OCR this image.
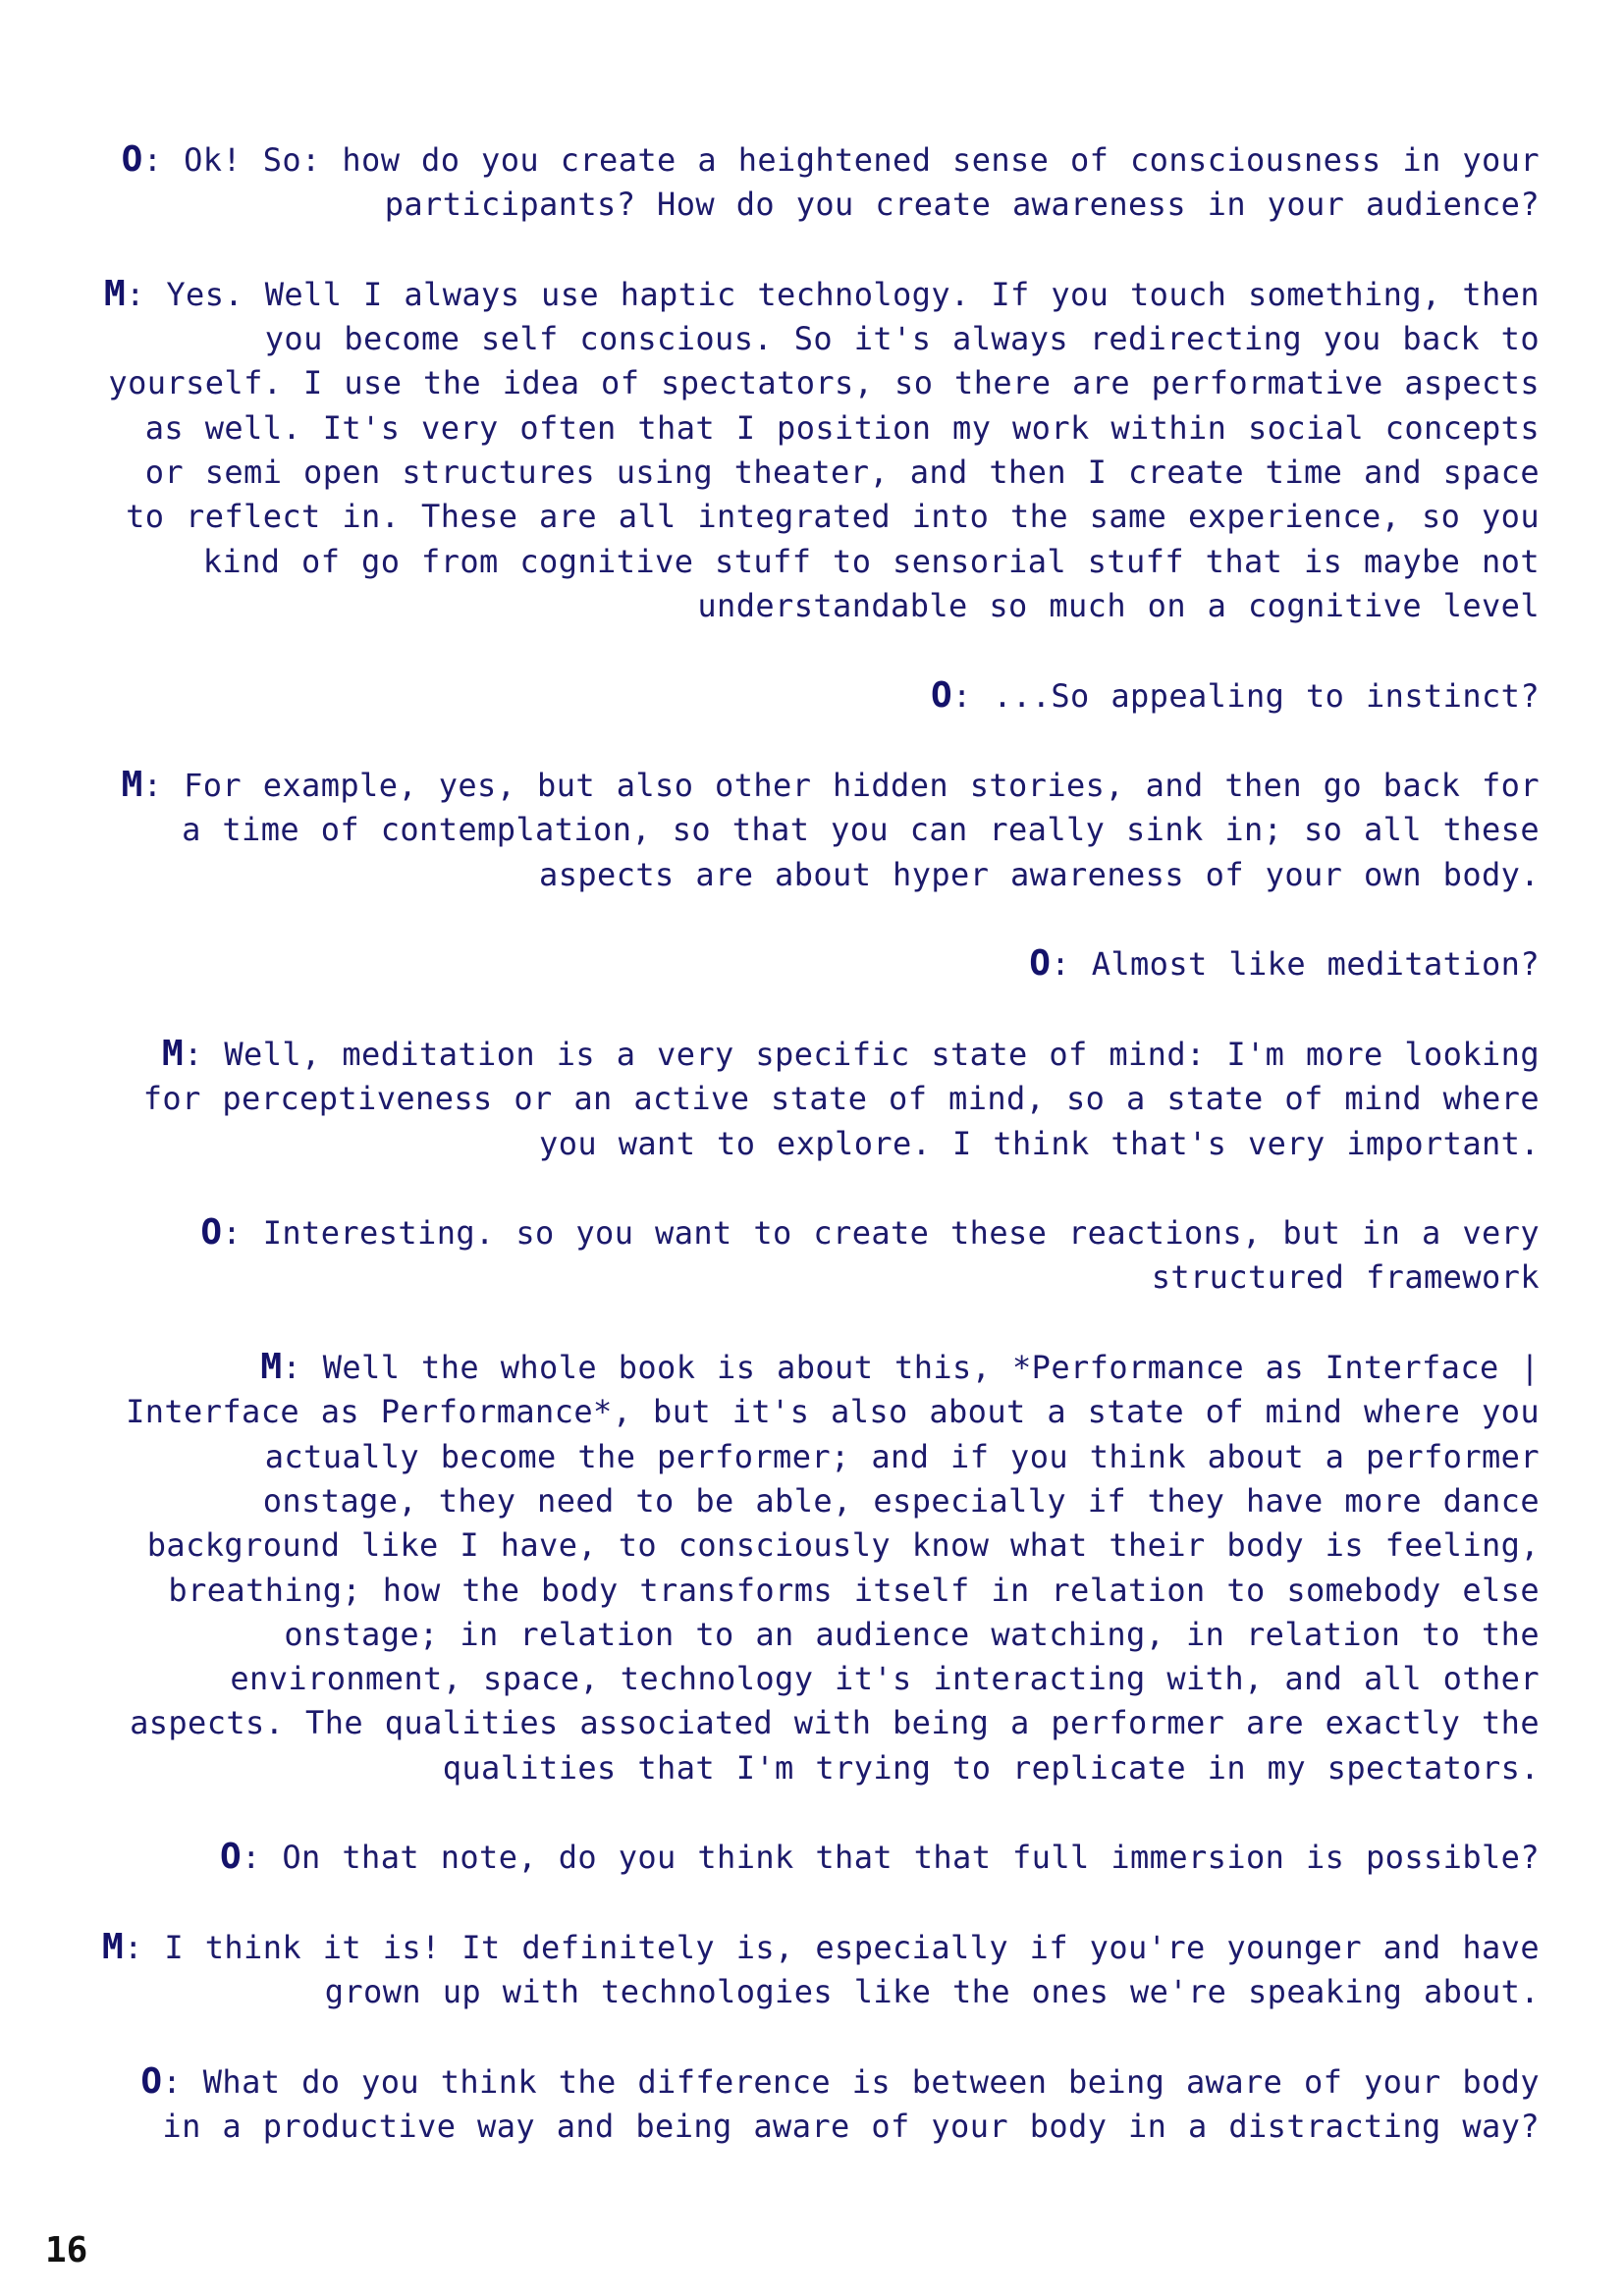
O: Ok! So: how do you create a heightened sense of consciousness in your participants? How do you create awareness in your audience?

M: Yes. Well I always use haptic technology. If you touch something, then you become self conscious. So it's always redirecting you back to yourself. I use the idea of spectators, so there are performative aspects as well. It's very often that I position my work within social concepts or semi open structures using theater, and then I create time and space to reflect in. These are all integrated into the same experience, so you kind of go from cognitive stuff to sensorial stuff that is maybe not understandable so much on a cognitive level

O: ...So appealing to instinct?

M: For example, yes, but also other hidden stories, and then go back for a time of contemplation, so that you can really sink in; so all these aspects are about hyper awareness of your own body.

O: Almost like meditation?

M: Well, meditation is a very specific state of mind: I'm more looking for perceptiveness or an active state of mind, so a state of mind where you want to explore. I think that's very important.

O: Interesting. so you want to create these reactions, but in a very structured framework

M: Well the whole book is about this, *Performance as Interface | Interface as Performance*, but it's also about a state of mind where you actually become the performer; and if you think about a performer onstage, they need to be able, especially if they have more dance background like I have, to consciously know what their body is feeling, breathing; how the body transforms itself in relation to somebody else onstage; in relation to an audience watching, in relation to the environment, space, technology it's interacting with, and all other aspects. The qualities associated with being a performer are exactly the qualities that I'm trying to replicate in my spectators.

O: On that note, do you think that that full immersion is possible?

M: I think it is! It definitely is, especially if you're younger and have grown up with technologies like the ones we're speaking about.

O: What do you think the difference is between being aware of your body in a productive way and being aware of your body in a distracting way?

16
